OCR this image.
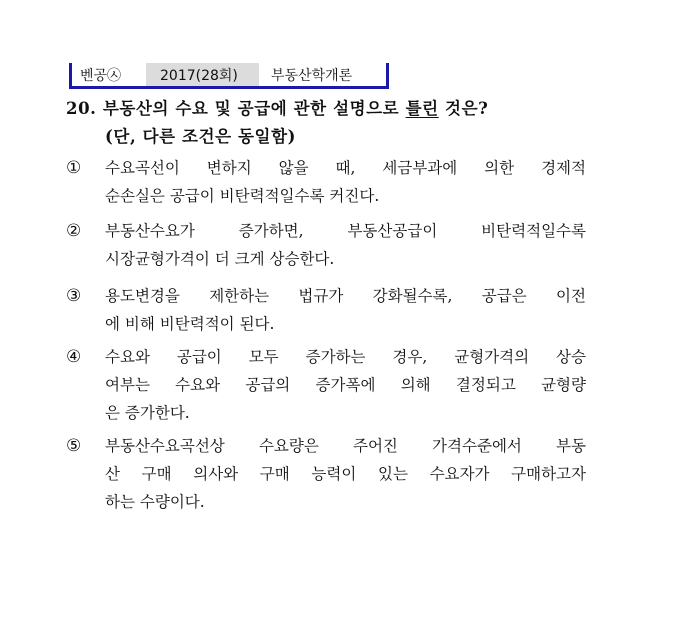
벤공㉦	2017(28회)	부동산학개론
20. 부동산의 수요 및 공급에 관한 설명으로 틀린 것은?
(단, 다른 조건은 동일함)
①	수요곡선이 변하지 않을 때, 세금부과에 의한 경제적
순손실은 공급이 비탄력적일수록 커진다.
②	부동산수요가 증가하면, 부동산공급이 비탄력적일수록
시장균형가격이 더 크게 상승한다.
③	용도변경을 제한하는 법규가 강화될수록, 공급은 이전
에 비해 비탄력적이 된다.
④	수요와 공급이 모두 증가하는 경우, 균형가격의 상승
여부는 수요와 공급의 증가폭에 의해 결정되고 균형량
은 증가한다.
⑤	부동산수요곡선상 수요량은 주어진 가격수준에서 부동
산 구매 의사와 구매 능력이 있는 수요자가 구매하고자
하는 수량이다.
